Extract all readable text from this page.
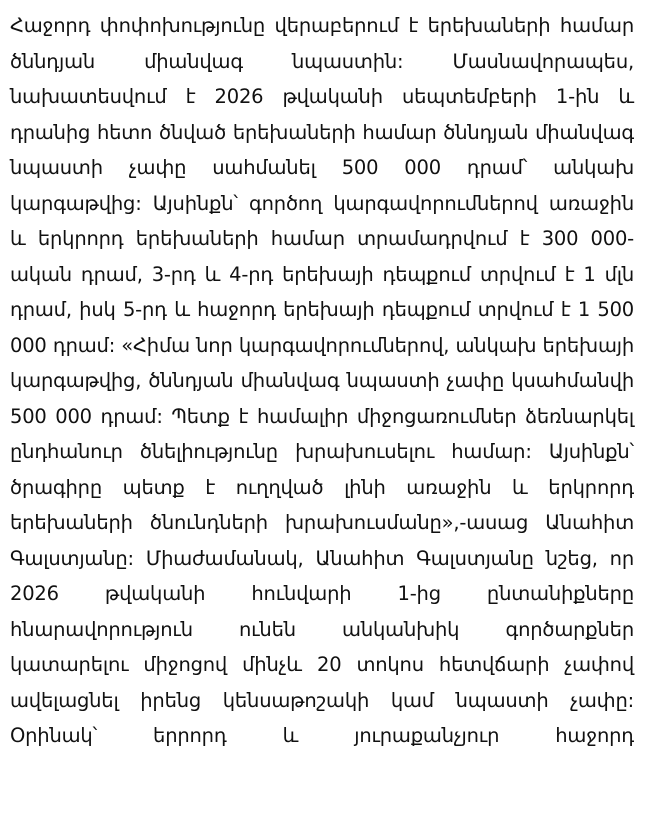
Հաջորդ փոփոխությունը վերաբերում է երեխաների համար ծննդյան միանվագ նպաստին: Մասնավորապես, նախատեսվում է 2026 թվականի սեպտեմբերի 1-ին և դրանից հետո ծնված երեխաների համար ծննդյան միանվագ նպաստի չափը սահմանել 500 000 դրամ՝ անկախ կարգաթվից: Այսինքն՝ գործող կարգավորումներով առաջին և երկրորդ երեխաների համար տրամադրվում է 300 000-ական դրամ, 3-րդ և 4-րդ երեխայի դեպքում տրվում է 1 մլն դրամ, իսկ 5-րդ և հաջորդ երեխայի դեպքում տրվում է 1 500 000 դրամ: «Հիմա նոր կարգավորումներով, անկախ երեխայի կարգաթվից, ծննդյան միանվագ նպաստի չափը կսահմանվի 500 000 դրամ: Պետք է համալիր միջոցառումներ ձեռնարկել ընդհանուր ծնելիությունը խրախուսելու համար: Այսինքն՝ ծրագիրը պետք է ուղղված լինի առաջին և երկրորդ երեխաների ծնունդների խրախուսմանը»,-ասաց Անահիտ Գալստյանը: Միաժամանակ, Անահիտ Գալստյանը նշեց, որ 2026 թվականի հունվարի 1-ից ընտանիքները հնարավորություն ունեն անկանխիկ գործարքներ կատարելու միջոցով մինչև 20 տոկոս հետվճարի չափով ավելացնել իրենց կենսաթոշակի կամ նպաստի չափը: Օրինակ՝ երրորդ և յուրաքանչյուր հաջորդ
